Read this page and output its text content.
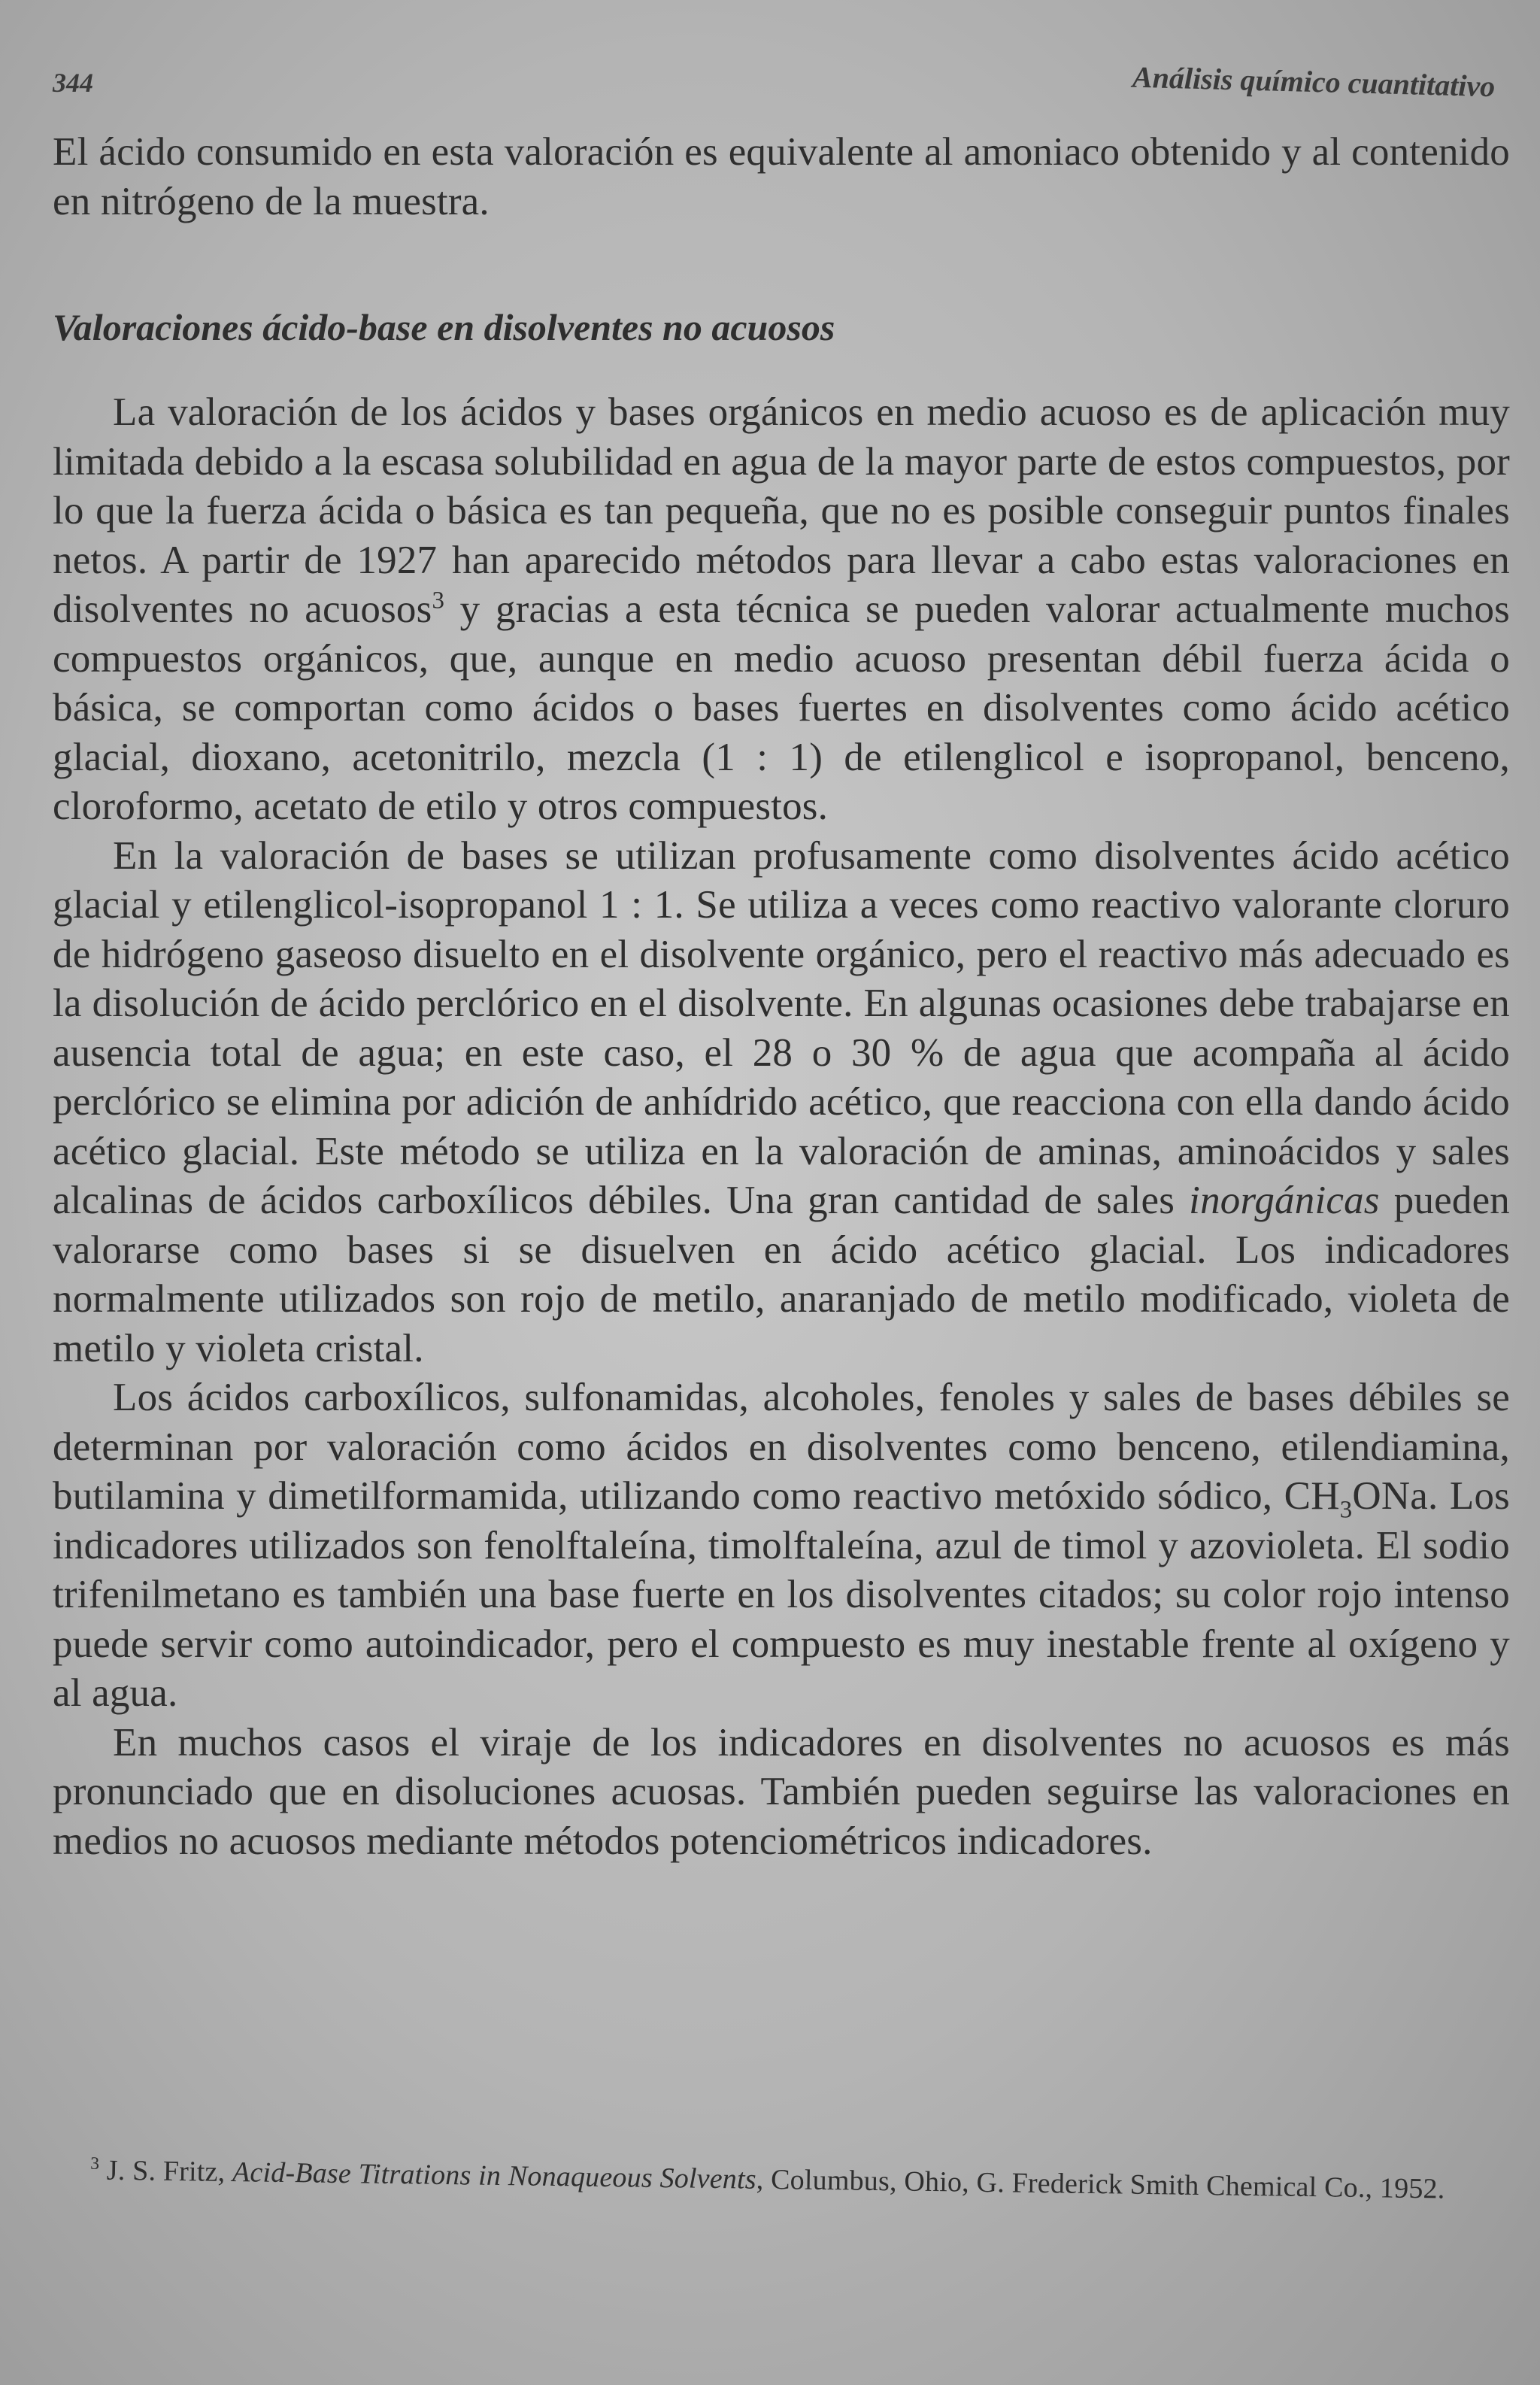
344	Análisis químico cuantitativo

El ácido consumido en esta valoración es equivalente al amoniaco obtenido y al contenido en nitrógeno de la muestra.

Valoraciones ácido-base en disolventes no acuosos

La valoración de los ácidos y bases orgánicos en medio acuoso es de aplicación muy limitada debido a la escasa solubilidad en agua de la mayor parte de estos compuestos, por lo que la fuerza ácida o básica es tan pequeña, que no es posible conseguir puntos finales netos. A partir de 1927 han aparecido métodos para llevar a cabo estas valoraciones en disolventes no acuosos$^3$ y gracias a esta técnica se pueden valorar actualmente muchos compuestos orgánicos, que, aunque en medio acuoso presentan débil fuerza ácida o básica, se comportan como ácidos o bases fuertes en disolventes como ácido acético glacial, dioxano, acetonitrilo, mezcla (1 : 1) de etilenglicol e isopropanol, benceno, cloroformo, acetato de etilo y otros compuestos.

En la valoración de bases se utilizan profusamente como disolventes ácido acético glacial y etilenglicol-isopropanol 1 : 1. Se utiliza a veces como reactivo valorante cloruro de hidrógeno gaseoso disuelto en el disolvente orgánico, pero el reactivo más adecuado es la disolución de ácido perclórico en el disolvente. En algunas ocasiones debe trabajarse en ausencia total de agua; en este caso, el 28 o 30 % de agua que acompaña al ácido perclórico se elimina por adición de anhídrido acético, que reacciona con ella dando ácido acético glacial. Este método se utiliza en la valoración de aminas, aminoácidos y sales alcalinas de ácidos carboxílicos débiles. Una gran cantidad de sales inorgánicas pueden valorarse como bases si se disuelven en ácido acético glacial. Los indicadores normalmente utilizados son rojo de metilo, anaranjado de metilo modificado, violeta de metilo y violeta cristal.

Los ácidos carboxílicos, sulfonamidas, alcoholes, fenoles y sales de bases débiles se determinan por valoración como ácidos en disolventes como benceno, etilendiamina, butilamina y dimetilformamida, utilizando como reactivo metóxido sódico, $CH_3ONa$. Los indicadores utilizados son fenolftaleína, timolftaleína, azul de timol y azovioleta. El sodio trifenilmetano es también una base fuerte en los disolventes citados; su color rojo intenso puede servir como autoindicador, pero el compuesto es muy inestable frente al oxígeno y al agua.

En muchos casos el viraje de los indicadores en disolventes no acuosos es más pronunciado que en disoluciones acuosas. También pueden seguirse las valoraciones en medios no acuosos mediante métodos potenciométricos indicadores.

$^3$ J. S. Fritz, Acid-Base Titrations in Nonaqueous Solvents, Columbus, Ohio, G. Frederick Smith Chemical Co., 1952.
